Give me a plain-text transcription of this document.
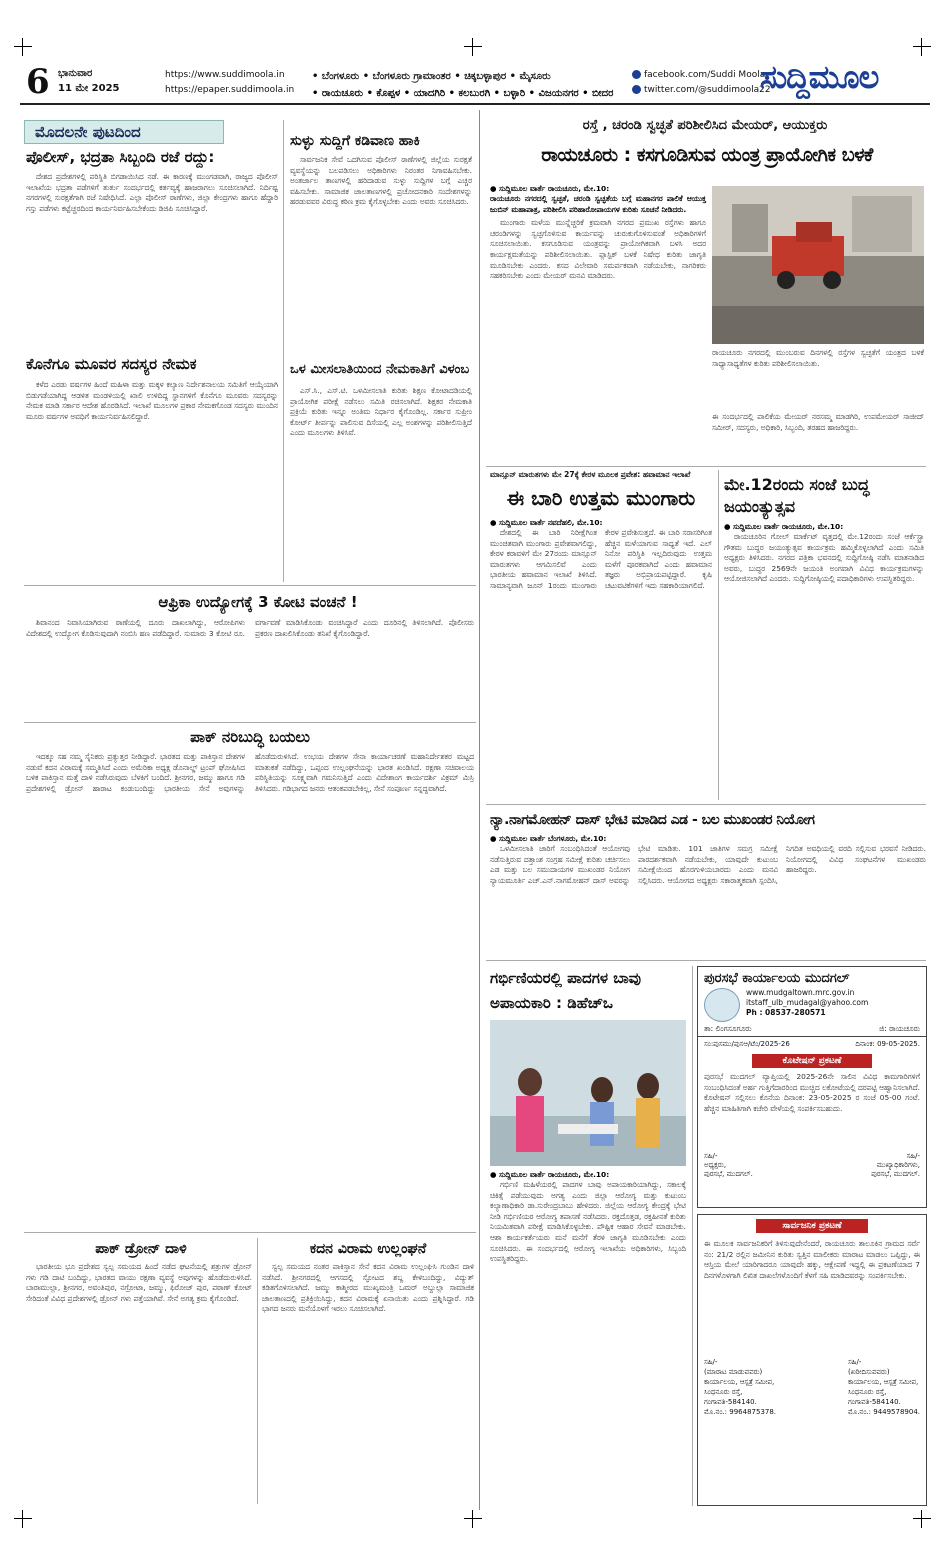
6 ಭಾನುವಾರ
11 ಮೇ 2025
https://www.suddimoola.in
https://epaper.suddimoola.in
• ಬೆಂಗಳೂರು • ಬೆಂಗಳೂರು ಗ್ರಾಮಾಂತರ • ಚಿಕ್ಕಬಳ್ಳಾಪುರ • ಮೈಸೂರು
• ರಾಯಚೂರು • ಕೊಪ್ಪಳ • ಯಾದಗಿರಿ • ಕಲಬುರಗಿ • ಬಳ್ಳಾರಿ • ವಿಜಯನಗರ • ಬೀದರ
facebook.com/Suddi Moola
twitter.com/@suddimoola22
ಸುದ್ದಿಮೂಲ
ಮೊದಲನೇ ಪುಟದಿಂದ
ಪೊಲೀಸ್, ಭದ್ರತಾ ಸಿಬ್ಬಂದಿ ರಜೆ ರದ್ದು:

ದೇಶದ ಪ್ರದೇಶಗಳಲ್ಲಿ ಪರಿಸ್ಥಿತಿ ಬಿಗಡಾಯಿಸಿದ ನಡೆ. ಈ ಕಾರಣಕ್ಕೆ ಮುಂಗಡವಾಗಿ, ರಾಜ್ಯದ ಪೊಲೀಸ್ ಇಲಾಖೆಯ ಭದ್ರತಾ ಪಡೆಗಳಿಗೆ ತುರ್ತು ಸಂದರ್ಭದಲ್ಲಿ ಕರ್ತವ್ಯಕ್ಕೆ ಹಾಜರಾಗಲು ಸೂಚಿಸಲಾಗಿದೆ. ನಿರ್ದಿಷ್ಟ ನಗರಗಳಲ್ಲಿ ಸುರಕ್ಷತೆಗಾಗಿ ರಜೆ ನಿಷೇಧಿಸಿದೆ. ಎಲ್ಲಾ ಪೊಲೀಸ್ ಠಾಣೆಗಳು, ಜಿಲ್ಲಾ ಕೇಂದ್ರಗಳು ಹಾಗೂ ಹೆದ್ದಾರಿ ಗಸ್ತು ಪಡೆಗಳು ಕಟ್ಟೆಚ್ಚರದಿಂದ ಕಾರ್ಯನಿರ್ವಹಿಸಬೇಕೆಂದು ಡಿಜಿಪಿ ಸೂಚಿಸಿದ್ದಾರೆ.

ಕೊನೆಗೂ ಮೂವರ ಸದಸ್ಯರ ನೇಮಕ

ಕಳೆದ ಎರಡು ವರ್ಷಗಳ ಹಿಂದೆ ಮಹಿಳಾ ಮತ್ತು ಮಕ್ಕಳ ಕಲ್ಯಾಣ ನಿರ್ದೇಶನಾಲಯ ಸಮಿತಿಗೆ ಆಯ್ಕೆಯಾಗಿ ಬಿಡುಗಡೆಯಾಗಿದ್ದ ಆಡಳಿತ ಮಂಡಳಿಯಲ್ಲಿ ಖಾಲಿ ಉಳಿದಿದ್ದ ಸ್ಥಾನಗಳಿಗೆ ಕೊನೆಗೂ ಮೂವರು ಸದಸ್ಯರನ್ನು ನೇಮಕ ಮಾಡಿ ಸರ್ಕಾರ ಆದೇಶ ಹೊರಡಿಸಿದೆ. ಇಲಾಖೆ ಮೂಲಗಳ ಪ್ರಕಾರ ನೇಮಕಗೊಂಡ ಸದಸ್ಯರು ಮುಂದಿನ ಮೂರು ವರ್ಷಗಳ ಅವಧಿಗೆ ಕಾರ್ಯನಿರ್ವಹಿಸಲಿದ್ದಾರೆ.

ಸುಳ್ಳು ಸುದ್ದಿಗೆ ಕಡಿವಾಣ ಹಾಕಿ

ಸಾರ್ವಜನಿಕ ಸೇವೆ ಒದಗಿಸುವ ಪೊಲೀಸ್ ಠಾಣೆಗಳಲ್ಲಿ ಜಿಲ್ಲೆಯ ಸುರಕ್ಷತೆ ವ್ಯವಸ್ಥೆಯನ್ನು ಬಲಪಡಿಸಲು ಅಧಿಕಾರಿಗಳು ನಿರಂತರ ನಿಗಾವಹಿಸಬೇಕು. ಅಂತರ್ಜಾಲ ತಾಣಗಳಲ್ಲಿ ಹರಿದಾಡುವ ಸುಳ್ಳು ಸುದ್ದಿಗಳ ಬಗ್ಗೆ ಎಚ್ಚರ ವಹಿಸಬೇಕು. ಸಾಮಾಜಿಕ ಜಾಲತಾಣಗಳಲ್ಲಿ ಪ್ರಚೋದನಕಾರಿ ಸಂದೇಶಗಳನ್ನು ಹರಡುವವರ ವಿರುದ್ಧ ಕಠಿಣ ಕ್ರಮ ಕೈಗೊಳ್ಳಬೇಕು ಎಂದು ಅವರು ಸೂಚಿಸಿದರು.

ಒಳ ಮೀಸಲಾತಿಯಿಂದ ನೇಮಕಾತಿಗೆ ವಿಳಂಬ

ಎಸ್.ಸಿ., ಎಸ್.ಟಿ. ಒಳಮೀಸಲಾತಿ ಕುರಿತು ಶಿಕ್ಷಣ ಕೋಟಾದಡಿಯಲ್ಲಿ ಪ್ರಾಯೋಗಿಕ ಪರೀಕ್ಷೆ ನಡೆಸಲು ಸಮಿತಿ ರಚಿಸಲಾಗಿದೆ. ಶಿಕ್ಷಕರ ನೇಮಕಾತಿ ಪ್ರಕ್ರಿಯೆ ಕುರಿತು ಇನ್ನೂ ಅಂತಿಮ ನಿರ್ಧಾರ ಕೈಗೊಂಡಿಲ್ಲ. ಸರ್ಕಾರ ಸುಪ್ರೀಂ ಕೋರ್ಟ್ ತೀರ್ಪನ್ನು ಪಾಲಿಸುವ ದಿಸೆಯಲ್ಲಿ ಎಲ್ಲ ಅಂಶಗಳನ್ನು ಪರಿಶೀಲಿಸುತ್ತಿದೆ ಎಂದು ಮೂಲಗಳು ತಿಳಿಸಿವೆ.

ಆಫ್ರಿಕಾ ಉದ್ಯೋಗಕ್ಕೆ 3 ಕೋಟಿ ವಂಚನೆ !

ಶಿವಾನಂದ ನಿವಾಸಿಯಾಗಿರುವ ಠಾಣೆಯಲ್ಲಿ ದೂರು ದಾಖಲಾಗಿದ್ದು, ಆರೋಪಿಗಳು ವಿದೇಶದಲ್ಲಿ ಉದ್ಯೋಗ ಕೊಡಿಸುವುದಾಗಿ ನಂಬಿಸಿ ಹಣ ಪಡೆದಿದ್ದಾರೆ. ಸುಮಾರು 3 ಕೋಟಿ ರೂ. ವರ್ಗಾವಣೆ ಮಾಡಿಸಿಕೊಂಡು ವಂಚಿಸಿದ್ದಾರೆ ಎಂದು ದೂರಿನಲ್ಲಿ ತಿಳಿಸಲಾಗಿದೆ. ಪೊಲೀಸರು ಪ್ರಕರಣ ದಾಖಲಿಸಿಕೊಂಡು ತನಿಖೆ ಕೈಗೊಂಡಿದ್ದಾರೆ.

ಪಾಕ್ ನರಿಬುದ್ಧಿ ಬಯಲು

ಇದಕ್ಕೂ ಸಹ ನಮ್ಮ ಸೈನಿಕರು ಪ್ರತ್ಯುತ್ತರ ನೀಡಿದ್ದಾರೆ. ಭಾರತದ ಮತ್ತು ಪಾಕಿಸ್ತಾನ ದೇಶಗಳ ನಡುವೆ ಕದನ ವಿರಾಮಕ್ಕೆ ಸಮ್ಮತಿಸಿದೆ ಎಂದು ಅಮೆರಿಕಾ ಅಧ್ಯಕ್ಷ ಡೊನಾಲ್ಡ್ ಟ್ರಂಪ್ ಘೋಷಿಸಿದ ಬಳಿಕ ಪಾಕಿಸ್ತಾನ ಮತ್ತೆ ದಾಳಿ ನಡೆಸಿರುವುದು ಬೆಳಕಿಗೆ ಬಂದಿದೆ. ಶ್ರೀನಗರ, ಜಮ್ಮು ಹಾಗೂ ಗಡಿ ಪ್ರದೇಶಗಳಲ್ಲಿ ಡ್ರೋನ್ ಹಾರಾಟ ಕಂಡುಬಂದಿದ್ದು ಭಾರತೀಯ ಸೇನೆ ಅವುಗಳನ್ನು ಹೊಡೆದುರುಳಿಸಿದೆ. ಉಭಯ ದೇಶಗಳ ಸೇನಾ ಕಾರ್ಯಾಚರಣೆ ಮಹಾನಿರ್ದೇಶಕರ ಮಟ್ಟದ ಮಾತುಕತೆ ನಡೆದಿದ್ದು, ಒಪ್ಪಂದ ಉಲ್ಲಂಘನೆಯನ್ನು ಭಾರತ ಖಂಡಿಸಿದೆ. ರಕ್ಷಣಾ ಸಚಿವಾಲಯ ಪರಿಸ್ಥಿತಿಯನ್ನು ಸೂಕ್ಷ್ಮವಾಗಿ ಗಮನಿಸುತ್ತಿದೆ ಎಂದು ವಿದೇಶಾಂಗ ಕಾರ್ಯದರ್ಶಿ ವಿಕ್ರಮ್ ಮಿಸ್ರಿ ತಿಳಿಸಿದರು. ಗಡಿಭಾಗದ ಜನರು ಆತಂಕಪಡಬೇಕಿಲ್ಲ, ಸೇನೆ ಸಂಪೂರ್ಣ ಸನ್ನದ್ಧವಾಗಿದೆ.

ಪಾಕ್ ಡ್ರೋನ್ ದಾಳಿ

ಭಾರತೀಯ ಭೂ ಪ್ರದೇಶದ ಸ್ವಲ್ಪ ಸಮಯದ ಹಿಂದೆ ನಡೆದ ಘಟನೆಯಲ್ಲಿ ಶತ್ರುಗಳ ಡ್ರೋನ್ ಗಳು ಗಡಿ ದಾಟಿ ಬಂದಿದ್ದು, ಭಾರತದ ವಾಯು ರಕ್ಷಣಾ ವ್ಯವಸ್ಥೆ ಅವುಗಳನ್ನು ಹೊಡೆದುರುಳಿಸಿದೆ. ಬಾರಾಮುಲ್ಲಾ, ಶ್ರೀನಗರ, ಅವಂತಿಪುರ, ನಗ್ರೋಟಾ, ಜಮ್ಮು, ಫಿರೋಜ್ ಪುರ, ಪಠಾಣ್ ಕೋಟ್ ಸೇರಿದಂತೆ ವಿವಿಧ ಪ್ರದೇಶಗಳಲ್ಲಿ ಡ್ರೋನ್ ಗಳು ಪತ್ತೆಯಾಗಿವೆ. ಸೇನೆ ಅಗತ್ಯ ಕ್ರಮ ಕೈಗೊಂಡಿದೆ.

ಕದನ ವಿರಾಮ ಉಲ್ಲಂಘನೆ

ಸ್ವಲ್ಪ ಸಮಯದ ನಂತರ ಪಾಕಿಸ್ತಾನ ಸೇನೆ ಕದನ ವಿರಾಮ ಉಲ್ಲಂಘಿಸಿ ಗುಂಡಿನ ದಾಳಿ ನಡೆಸಿದೆ. ಶ್ರೀನಗರದಲ್ಲಿ ಆಗಸದಲ್ಲಿ ಸ್ಫೋಟದ ಶಬ್ದ ಕೇಳಿಬಂದಿದ್ದು, ವಿದ್ಯುತ್ ಕಡಿತಗೊಳಿಸಲಾಗಿದೆ. ಜಮ್ಮು ಕಾಶ್ಮೀರದ ಮುಖ್ಯಮಂತ್ರಿ ಒಮರ್ ಅಬ್ದುಲ್ಲಾ ಸಾಮಾಜಿಕ ಜಾಲತಾಣದಲ್ಲಿ ಪ್ರತಿಕ್ರಿಯಿಸಿದ್ದು, ಕದನ ವಿರಾಮಕ್ಕೆ ಏನಾಯಿತು ಎಂದು ಪ್ರಶ್ನಿಸಿದ್ದಾರೆ. ಗಡಿ ಭಾಗದ ಜನರು ಮನೆಯೊಳಗೆ ಇರಲು ಸೂಚಿಸಲಾಗಿದೆ.

ರಸ್ತೆ , ಚರಂಡಿ ಸ್ವಚ್ಛತೆ ಪರಿಶೀಲಿಸಿದ ಮೇಯರ್, ಆಯುಕ್ತರು
ರಾಯಚೂರು : ಕಸಗೂಡಿಸುವ ಯಂತ್ರ ಪ್ರಾಯೋಗಿಕ ಬಳಕೆ
● ಸುದ್ದಿಮೂಲ ವಾರ್ತೆ ರಾಯಚೂರು, ಮೇ.10:
ರಾಯಚೂರು ನಗರದಲ್ಲಿ ಸ್ವಚ್ಛತೆ, ಚರಂಡಿ ಸ್ವಚ್ಛತೆಯ ಬಗ್ಗೆ ಮಹಾನಗರ ಪಾಲಿಕೆ ಆಯುಕ್ತ ಜುಬಿನ್ ಮಹಾಪಾತ್ರ, ಪರಿಶೀಲಿಸಿ ಪರಿಹಾರೋಪಾಯಗಳ ಕುರಿತು ಸೂಚನೆ ನೀಡಿದರು.

ಮುಂಗಾರು ಮಳೆಯ ಮುನ್ನೆಚ್ಚರಿಕೆ ಕ್ರಮವಾಗಿ ನಗರದ ಪ್ರಮುಖ ರಸ್ತೆಗಳು ಹಾಗೂ ಚರಂಡಿಗಳನ್ನು ಸ್ವಚ್ಛಗೊಳಿಸುವ ಕಾರ್ಯವನ್ನು ಚುರುಕುಗೊಳಿಸುವಂತೆ ಅಧಿಕಾರಿಗಳಿಗೆ ಸೂಚಿಸಲಾಯಿತು. ಕಸಗೂಡಿಸುವ ಯಂತ್ರವನ್ನು ಪ್ರಾಯೋಗಿಕವಾಗಿ ಬಳಸಿ ಅದರ ಕಾರ್ಯಕ್ಷಮತೆಯನ್ನು ಪರಿಶೀಲಿಸಲಾಯಿತು. ಪ್ಲಾಸ್ಟಿಕ್ ಬಳಕೆ ನಿಷೇಧ ಕುರಿತು ಜಾಗೃತಿ ಮೂಡಿಸಬೇಕು ಎಂದರು. ಕಸದ ವಿಲೇವಾರಿ ಸಮರ್ಪಕವಾಗಿ ನಡೆಯಬೇಕು, ನಾಗರಿಕರು ಸಹಕರಿಸಬೇಕು ಎಂದು ಮೇಯರ್ ಮನವಿ ಮಾಡಿದರು.

ರಾಯಚೂರು ನಗರದಲ್ಲಿ ಮುಂಬರುವ ದಿನಗಳಲ್ಲಿ ರಸ್ತೆಗಳ ಸ್ವಚ್ಛತೆಗೆ ಯಂತ್ರದ ಬಳಕೆ ಸಾಧ್ಯಾಸಾಧ್ಯತೆಗಳ ಕುರಿತು ಪರಿಶೀಲಿಸಲಾಯಿತು.
ಈ ಸಂದರ್ಭದಲ್ಲಿ ಪಾಲಿಕೆಯ ಮೇಯರ್ ನರಸಮ್ಮ ಮಾಡಗಿರಿ, ಉಪಮೇಯರ್ ಸಾಜೀದ್ ಸಮೀರ್, ಸದಸ್ಯರು, ಅಧಿಕಾರಿ, ಸಿಬ್ಬಂದಿ, ತರಹದ ಹಾಜರಿದ್ದರು.
ಮಾನ್ಸೂನ್ ಮಾರುತಗಳು ಮೇ 27ಕ್ಕೆ ಕೇರಳ ಮೂಲಕ ಪ್ರವೇಶ: ಹವಾಮಾನ ಇಲಾಖೆ
ಈ ಬಾರಿ ಉತ್ತಮ ಮುಂಗಾರು
● ಸುದ್ದಿಮೂಲ ವಾರ್ತೆ ನವದೆಹಲಿ, ಮೇ.10:

ದೇಶದಲ್ಲಿ ಈ ಬಾರಿ ನಿರೀಕ್ಷೆಗಿಂತ ಮುಂಚಿತವಾಗಿ ಮುಂಗಾರು ಪ್ರವೇಶವಾಗಲಿದ್ದು, ಕೇರಳ ಕರಾವಳಿಗೆ ಮೇ 27ರಂದು ಮಾನ್ಸೂನ್ ಮಾರುತಗಳು ಆಗಮಿಸಲಿವೆ ಎಂದು ಭಾರತೀಯ ಹವಾಮಾನ ಇಲಾಖೆ ತಿಳಿಸಿದೆ. ಸಾಮಾನ್ಯವಾಗಿ ಜೂನ್ 1ರಂದು ಮುಂಗಾರು ಕೇರಳ ಪ್ರವೇಶಿಸುತ್ತದೆ. ಈ ಬಾರಿ ಸರಾಸರಿಗಿಂತ ಹೆಚ್ಚಿನ ಮಳೆಯಾಗುವ ಸಾಧ್ಯತೆ ಇದೆ. ಎಲ್ ನಿನೋ ಪರಿಸ್ಥಿತಿ ಇಲ್ಲದಿರುವುದು ಉತ್ತಮ ಮಳೆಗೆ ಪೂರಕವಾಗಿದೆ ಎಂದು ಹವಾಮಾನ ತಜ್ಞರು ಅಭಿಪ್ರಾಯಪಟ್ಟಿದ್ದಾರೆ. ಕೃಷಿ ಚಟುವಟಿಕೆಗಳಿಗೆ ಇದು ಸಹಕಾರಿಯಾಗಲಿದೆ.

ಮೇ.12ರಂದು ಸಂಜೆ ಬುದ್ಧ ಜಯಂತ್ಯುತ್ಸವ
● ಸುದ್ದಿಮೂಲ ವಾರ್ತೆ ರಾಯಚೂರು, ಮೇ.10:

ರಾಯಚೂರಿನ ಗೋಲ್ ಮಾರ್ಕೆಟ್ ವೃತ್ತದಲ್ಲಿ ಮೇ.12ರಂದು ಸಂಜೆ ಆರ್ಕೆಸ್ಟ್ರಾ ಗೌತಮ ಬುದ್ಧರ ಜಯಂತ್ಯುತ್ಸವ ಕಾರ್ಯಕ್ರಮ ಹಮ್ಮಿಕೊಳ್ಳಲಾಗಿದೆ ಎಂದು ಸಮಿತಿ ಅಧ್ಯಕ್ಷರು ತಿಳಿಸಿದರು. ನಗರದ ಪತ್ರಿಕಾ ಭವನದಲ್ಲಿ ಸುದ್ದಿಗೋಷ್ಠಿ ನಡೆಸಿ ಮಾತನಾಡಿದ ಅವರು, ಬುದ್ಧರ 2569ನೇ ಜಯಂತಿ ಅಂಗವಾಗಿ ವಿವಿಧ ಕಾರ್ಯಕ್ರಮಗಳನ್ನು ಆಯೋಜಿಸಲಾಗಿದೆ ಎಂದರು. ಸುದ್ದಿಗೋಷ್ಠಿಯಲ್ಲಿ ಪದಾಧಿಕಾರಿಗಳು ಉಪಸ್ಥಿತರಿದ್ದರು.

ನ್ಯಾ.ನಾಗಮೋಹನ್ ದಾಸ್ ಭೇಟಿ ಮಾಡಿದ ಎಡ - ಬಲ ಮುಖಂಡರ ನಿಯೋಗ
● ಸುದ್ದಿಮೂಲ ವಾರ್ತೆ ಬೆಂಗಳೂರು, ಮೇ.10:

ಒಳಮೀಸಲಾತಿ ಜಾರಿಗೆ ಸಂಬಂಧಿಸಿದಂತೆ ಆಯೋಗವು ನಡೆಸುತ್ತಿರುವ ದತ್ತಾಂಶ ಸಂಗ್ರಹ ಸಮೀಕ್ಷೆ ಕುರಿತು ಚರ್ಚಿಸಲು ಎಡ ಮತ್ತು ಬಲ ಸಮುದಾಯಗಳ ಮುಖಂಡರ ನಿಯೋಗ ನ್ಯಾಯಮೂರ್ತಿ ಎಚ್.ಎನ್.ನಾಗಮೋಹನ್ ದಾಸ್ ಅವರನ್ನು ಭೇಟಿ ಮಾಡಿತು. 101 ಜಾತಿಗಳ ಸಮಗ್ರ ಸಮೀಕ್ಷೆ ಪಾರದರ್ಶಕವಾಗಿ ನಡೆಯಬೇಕು, ಯಾವುದೇ ಕುಟುಂಬ ಸಮೀಕ್ಷೆಯಿಂದ ಹೊರಗುಳಿಯಬಾರದು ಎಂದು ಮನವಿ ಸಲ್ಲಿಸಿದರು. ಆಯೋಗದ ಅಧ್ಯಕ್ಷರು ಸಕಾರಾತ್ಮಕವಾಗಿ ಸ್ಪಂದಿಸಿ, ನಿಗದಿತ ಅವಧಿಯಲ್ಲಿ ವರದಿ ಸಲ್ಲಿಸುವ ಭರವಸೆ ನೀಡಿದರು. ನಿಯೋಗದಲ್ಲಿ ವಿವಿಧ ಸಂಘಟನೆಗಳ ಮುಖಂಡರು ಹಾಜರಿದ್ದರು.

ಗರ್ಭಿಣಿಯರಲ್ಲಿ ಪಾದಗಳ ಬಾವು ಅಪಾಯಕಾರಿ : ಡಿಹೆಚ್ಒ
● ಸುದ್ದಿಮೂಲ ವಾರ್ತೆ ರಾಯಚೂರು, ಮೇ.10:

ಗರ್ಭಿಣಿ ಮಹಿಳೆಯರಲ್ಲಿ ಪಾದಗಳ ಬಾವು ಅಪಾಯಕಾರಿಯಾಗಿದ್ದು, ಸಕಾಲಕ್ಕೆ ಚಿಕಿತ್ಸೆ ಪಡೆಯುವುದು ಅಗತ್ಯ ಎಂದು ಜಿಲ್ಲಾ ಆರೋಗ್ಯ ಮತ್ತು ಕುಟುಂಬ ಕಲ್ಯಾಣಾಧಿಕಾರಿ ಡಾ.ಸುರೇಂದ್ರಬಾಬು ಹೇಳಿದರು. ಜಿಲ್ಲೆಯ ಆರೋಗ್ಯ ಕೇಂದ್ರಕ್ಕೆ ಭೇಟಿ ನೀಡಿ ಗರ್ಭಿಣಿಯರ ಆರೋಗ್ಯ ತಪಾಸಣೆ ನಡೆಸಿದರು. ರಕ್ತದೊತ್ತಡ, ರಕ್ತಹೀನತೆ ಕುರಿತು ನಿಯಮಿತವಾಗಿ ಪರೀಕ್ಷೆ ಮಾಡಿಸಿಕೊಳ್ಳಬೇಕು. ಪೌಷ್ಟಿಕ ಆಹಾರ ಸೇವನೆ ಮಾಡಬೇಕು. ಆಶಾ ಕಾರ್ಯಕರ್ತೆಯರು ಮನೆ ಮನೆಗೆ ತೆರಳಿ ಜಾಗೃತಿ ಮೂಡಿಸಬೇಕು ಎಂದು ಸೂಚಿಸಿದರು. ಈ ಸಂದರ್ಭದಲ್ಲಿ ಆರೋಗ್ಯ ಇಲಾಖೆಯ ಅಧಿಕಾರಿಗಳು, ಸಿಬ್ಬಂದಿ ಉಪಸ್ಥಿತರಿದ್ದರು.

ಪುರಸಭೆ ಕಾರ್ಯಾಲಯ ಮುದಗಲ್
www.mudgaltown.mrc.gov.in
itstaff_ulb_mudagal@yahoo.com
Ph : 08537-280571
ತಾ: ಲಿಂಗಸೂಗೂರು	ಜಿ: ರಾಯಚೂರು
ಸಂ:ಪುಸಮು/ಪುಸಆ/ಟೆಂ/2025-26	ದಿನಾಂಕ: 09-05-2025.
ಕೊಟೇಷನ್ ಪ್ರಕಟಣೆ
ಪುರಸಭೆ ಮುದಗಲ್ ವ್ಯಾಪ್ತಿಯಲ್ಲಿ 2025-26ನೇ ಸಾಲಿನ ವಿವಿಧ ಕಾಮಗಾರಿಗಳಿಗೆ ಸಂಬಂಧಿಸಿದಂತೆ ಅರ್ಹ ಗುತ್ತಿಗೆದಾರರಿಂದ ಮುಚ್ಚಿದ ಲಕೋಟೆಯಲ್ಲಿ ದರಪಟ್ಟಿ ಆಹ್ವಾನಿಸಲಾಗಿದೆ. ಕೊಟೇಷನ್ ಸಲ್ಲಿಸಲು ಕೊನೆಯ ದಿನಾಂಕ: 23-05-2025 ರ ಸಂಜೆ 05-00 ಗಂಟೆ. ಹೆಚ್ಚಿನ ಮಾಹಿತಿಗಾಗಿ ಕಚೇರಿ ವೇಳೆಯಲ್ಲಿ ಸಂಪರ್ಕಿಸಬಹುದು.
ಸಹಿ/-
ಅಧ್ಯಕ್ಷರು,
ಪುರಸಭೆ, ಮುದಗಲ್.
ಸಹಿ/-
ಮುಖ್ಯಾಧಿಕಾರಿಗಳು,
ಪುರಸಭೆ, ಮುದಗಲ್.
ಸಾರ್ವಜನಿಕ ಪ್ರಕಟಣೆ
ಈ ಮೂಲಕ ಸಾರ್ವಜನಿಕರಿಗೆ ತಿಳಿಸುವುದೇನೆಂದರೆ, ರಾಯಚೂರು ತಾಲೂಕಿನ ಗ್ರಾಮದ ಸರ್ವೆ ನಂ: 21/2 ರಲ್ಲಿನ ಜಮೀನಿನ ಕುರಿತು ಸ್ವತ್ತಿನ ಮಾಲೀಕರು ಮಾರಾಟ ಮಾಡಲು ಒಪ್ಪಿದ್ದು, ಈ ಆಸ್ತಿಯ ಮೇಲೆ ಯಾರಿಗಾದರೂ ಯಾವುದೇ ಹಕ್ಕು, ಆಕ್ಷೇಪಣೆ ಇದ್ದಲ್ಲಿ ಈ ಪ್ರಕಟಣೆಯಾದ 7 ದಿನಗಳೊಳಗಾಗಿ ಲಿಖಿತ ದಾಖಲೆಗಳೊಂದಿಗೆ ಕೆಳಗೆ ಸಹಿ ಮಾಡಿದವರನ್ನು ಸಂಪರ್ಕಿಸಬೇಕು.
ಸಹಿ/-
(ಮಾರಾಟ ಮಾಡುವವರು)
ಕಾರ್ಯಾಲಯ, ಆಸ್ಪತ್ರೆ ಸಮೀಪ,
ಸಿಂಧನೂರು ರಸ್ತೆ,
ಗಂಗಾವತಿ-584140.
ಮೊ.ನಂ.: 9964875378.
ಸಹಿ/-
(ಖರೀದಿಸುವವರು)
ಕಾರ್ಯಾಲಯ, ಆಸ್ಪತ್ರೆ ಸಮೀಪ,
ಸಿಂಧನೂರು ರಸ್ತೆ,
ಗಂಗಾವತಿ-584140.
ಮೊ.ನಂ.: 9449578904.
